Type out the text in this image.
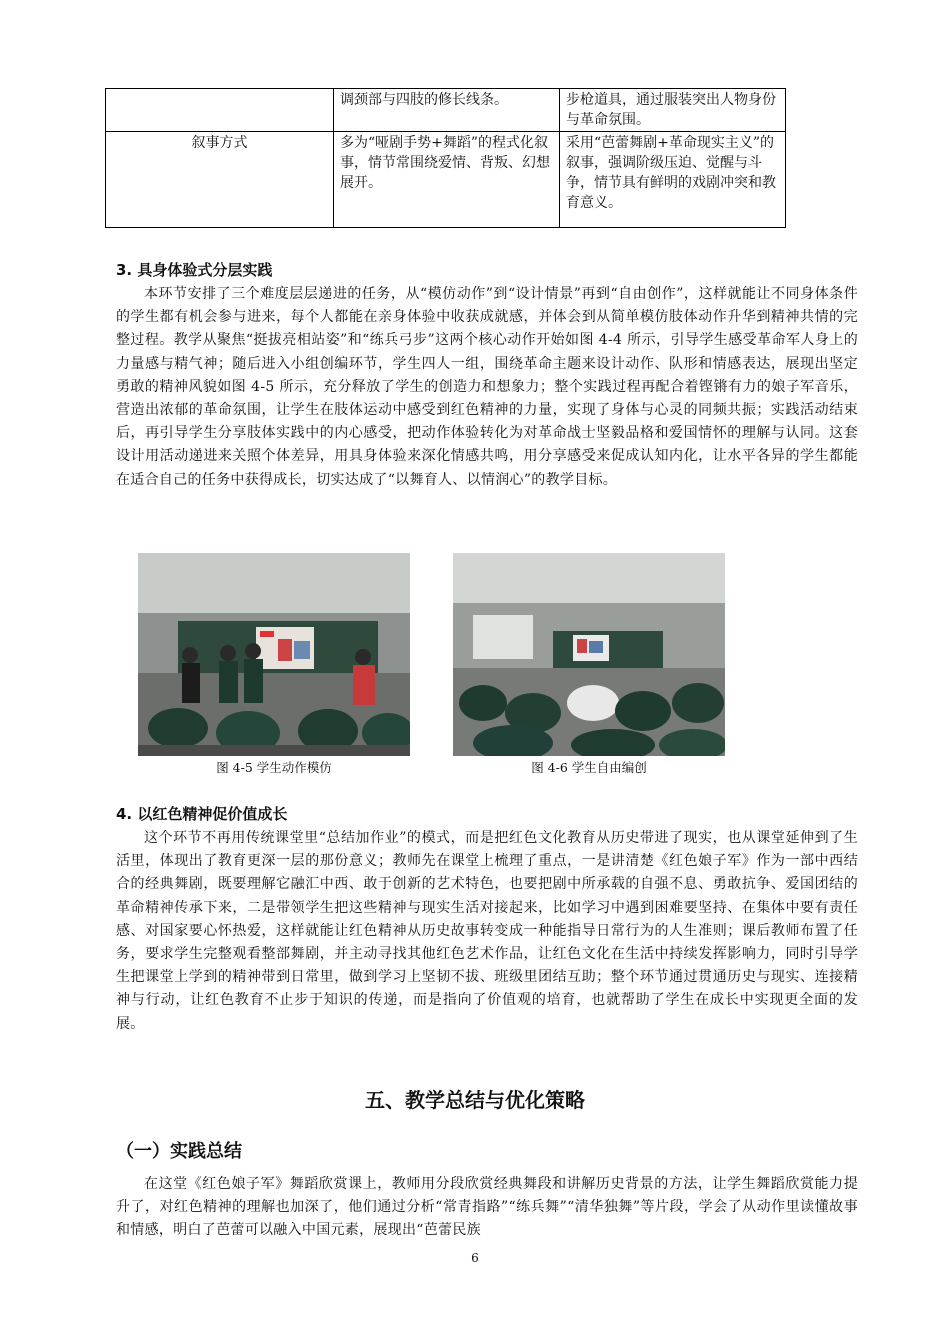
	调颈部与四肢的修长线条。	步枪道具，通过服装突出人物身份与革命氛围。
叙事方式	多为“哑剧手势+舞蹈”的程式化叙事，情节常围绕爱情、背叛、幻想展开。	采用“芭蕾舞剧+革命现实主义”的叙事，强调阶级压迫、觉醒与斗争，情节具有鲜明的戏剧冲突和教育意义。
3. 具身体验式分层实践

本环节安排了三个难度层层递进的任务，从“模仿动作”到“设计情景”再到“自由创作”，这样就能让不同身体条件的学生都有机会参与进来，每个人都能在亲身体验中收获成就感，并体会到从简单模仿肢体动作升华到精神共情的完整过程。教学从聚焦“挺拔亮相站姿”和“练兵弓步”这两个核心动作开始如图 4-4 所示，引导学生感受革命军人身上的力量感与精气神；随后进入小组创编环节，学生四人一组，围绕革命主题来设计动作、队形和情感表达，展现出坚定勇敢的精神风貌如图 4-5 所示，充分释放了学生的创造力和想象力；整个实践过程再配合着铿锵有力的娘子军音乐，营造出浓郁的革命氛围，让学生在肢体运动中感受到红色精神的力量，实现了身体与心灵的同频共振；实践活动结束后，再引导学生分享肢体实践中的内心感受，把动作体验转化为对革命战士坚毅品格和爱国情怀的理解与认同。这套设计用活动递进来关照个体差异，用具身体验来深化情感共鸣，用分享感受来促成认知内化，让水平各异的学生都能在适合自己的任务中获得成长，切实达成了“以舞育人、以情润心”的教学目标。

图 4-5 学生动作模仿	图 4-6 学生自由编创
4. 以红色精神促价值成长

这个环节不再用传统课堂里“总结加作业”的模式，而是把红色文化教育从历史带进了现实，也从课堂延伸到了生活里，体现出了教育更深一层的那份意义；教师先在课堂上梳理了重点，一是讲清楚《红色娘子军》作为一部中西结合的经典舞剧，既要理解它融汇中西、敢于创新的艺术特色，也要把剧中所承载的自强不息、勇敢抗争、爱国团结的革命精神传承下来，二是带领学生把这些精神与现实生活对接起来，比如学习中遇到困难要坚持、在集体中要有责任感、对国家要心怀热爱，这样就能让红色精神从历史故事转变成一种能指导日常行为的人生准则；课后教师布置了任务，要求学生完整观看整部舞剧，并主动寻找其他红色艺术作品，让红色文化在生活中持续发挥影响力，同时引导学生把课堂上学到的精神带到日常里，做到学习上坚韧不拔、班级里团结互助；整个环节通过贯通历史与现实、连接精神与行动，让红色教育不止步于知识的传递，而是指向了价值观的培育，也就帮助了学生在成长中实现更全面的发展。

五、教学总结与优化策略
（一）实践总结

在这堂《红色娘子军》舞蹈欣赏课上，教师用分段欣赏经典舞段和讲解历史背景的方法，让学生舞蹈欣赏能力提升了，对红色精神的理解也加深了，他们通过分析“常青指路”“练兵舞”“清华独舞”等片段，学会了从动作里读懂故事和情感，明白了芭蕾可以融入中国元素，展现出“芭蕾民族

6
